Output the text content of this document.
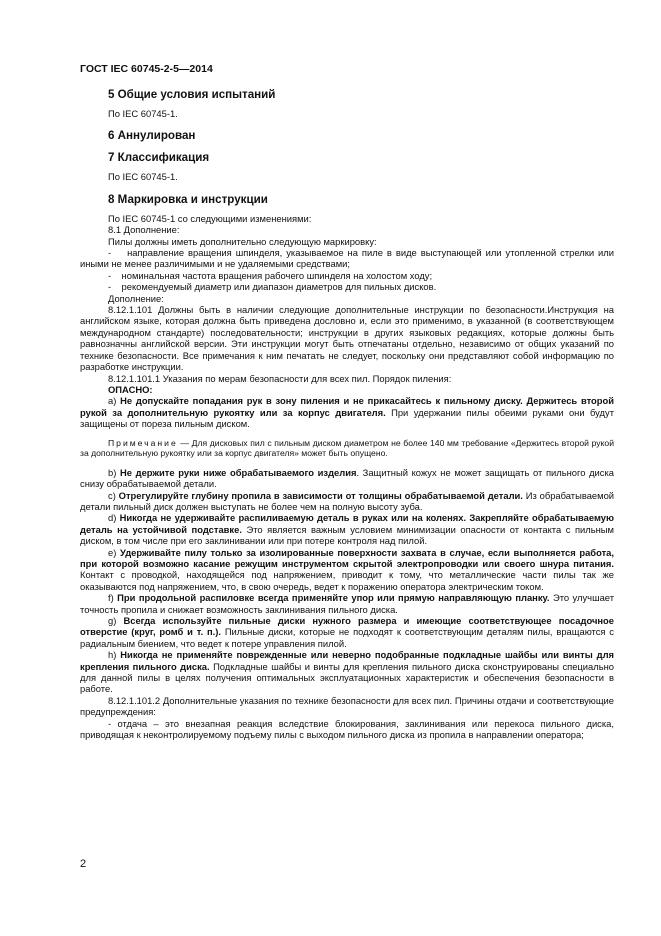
ГОСТ IEC 60745-2-5—2014

5 Общие условия испытаний

По IEC 60745-1.

6 Аннулирован

7 Классификация

По IEC 60745-1.

8 Маркировка и инструкции

По IEC 60745-1 со следующими изменениями:

8.1 Дополнение:

Пилы должны иметь дополнительно следующую маркировку:

-    направление вращения шпинделя, указываемое на пиле в виде выступающей или утопленной стрелки или иными не менее различимыми и не удаляемыми средствами;

-    номинальная частота вращения рабочего шпинделя на холостом ходу;

-    рекомендуемый диаметр или диапазон диаметров для пильных дисков.

Дополнение:

8.12.1.101 Должны быть в наличии следующие дополнительные инструкции по безопасности.Инструкция на английском языке, которая должна быть приведена дословно и, если это применимо, в указанной (в соответствующем международном стандарте) последовательности; инструкции в других языковых редакциях, которые должны быть равнозначны английской версии. Эти инструкции могут быть отпечатаны отдельно, независимо от общих указаний по технике безопасности. Все примечания к ним печатать не следует, поскольку они представляют собой информацию по разработке инструкции.

8.12.1.101.1 Указания по мерам безопасности для всех пил. Порядок пиления:

ОПАСНО:

а) Не допускайте попадания рук в зону пиления и не прикасайтесь к пильному диску. Держитесь второй рукой за дополнительную рукоятку или за корпус двигателя. При удержании пилы обеими руками они будут защищены от пореза пильным диском.

Примечание — Для дисковых пил с пильным диском диаметром не более 140 мм требование «Держитесь второй рукой за дополнительную рукоятку или за корпус двигателя» может быть опущено.

b) Не держите руки ниже обрабатываемого изделия. Защитный кожух не может защищать от пильного диска снизу обрабатываемой детали.

с) Отрегулируйте глубину пропила в зависимости от толщины обрабатываемой детали. Из обрабатываемой детали пильный диск должен выступать не более чем на полную высоту зуба.

d) Никогда не удерживайте распиливаемую деталь в руках или на коленях. Закрепляйте обрабатываемую деталь на устойчивой подставке. Это является важным условием минимизации опасности от контакта с пильным диском, в том числе при его заклинивании или при потере контроля над пилой.

е) Удерживайте пилу только за изолированные поверхности захвата в случае, если выполняется работа, при которой возможно касание режущим инструментом скрытой электропроводки или своего шнура питания. Контакт с проводкой, находящейся под напряжением, приводит к тому, что металлические части пилы так же оказываются под напряжением, что, в свою очередь, ведет к поражению оператора электрическим током.

f) При продольной распиловке всегда применяйте упор или прямую направляющую планку. Это улучшает точность пропила и снижает возможность заклинивания пильного диска.

g) Всегда используйте пильные диски нужного размера и имеющие соответствующее посадочное отверстие (круг, ромб и т. п.). Пильные диски, которые не подходят к соответствующим деталям пилы, вращаются с радиальным биением, что ведет к потере управления пилой.

h) Никогда не применяйте поврежденные или неверно подобранные подкладные шайбы или винты для крепления пильного диска. Подкладные шайбы и винты для крепления пильного диска сконструированы специально для данной пилы в целях получения оптимальных эксплуатационных характеристик и обеспечения безопасности в работе.

8.12.1.101.2 Дополнительные указания по технике безопасности для всех пил. Причины отдачи и соответствующие предупреждения:

- отдача – это внезапная реакция вследствие блокирования, заклинивания или перекоса пильного диска, приводящая к неконтролируемому подъему пилы с выходом пильного диска из пропила в направлении оператора;

2
